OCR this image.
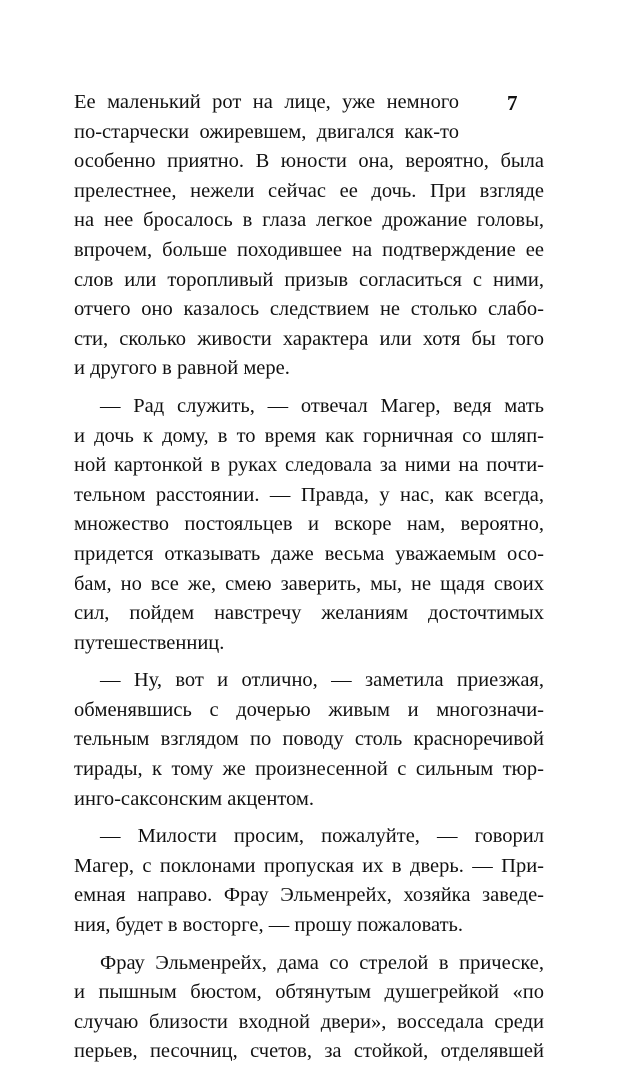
7
Ее маленький рот на лице, уже немного
по-старчески ожиревшем, двигался как-то
особенно приятно. В юности она, вероятно, была
прелестнее, нежели сейчас ее дочь. При взгляде
на нее бросалось в глаза легкое дрожание головы,
впрочем, больше походившее на подтверждение ее
слов или торопливый призыв согласиться с ними,
отчего оно казалось следствием не столько слабо-
сти, сколько живости характера или хотя бы того
и другого в равной мере.
— Рад служить, — отвечал Магер, ведя мать
и дочь к дому, в то время как горничная со шляп-
ной картонкой в руках следовала за ними на почти-
тельном расстоянии. — Правда, у нас, как всегда,
множество постояльцев и вскоре нам, вероятно,
придется отказывать даже весьма уважаемым осо-
бам, но все же, смею заверить, мы, не щадя своих
сил, пойдем навстречу желаниям досточтимых
путешественниц.
— Ну, вот и отлично, — заметила приезжая,
обменявшись с дочерью живым и многозначи-
тельным взглядом по поводу столь красноречивой
тирады, к тому же произнесенной с сильным тюр-
инго-саксонским акцентом.
— Милости просим, пожалуйте, — говорил
Магер, с поклонами пропуская их в дверь. — При-
емная направо. Фрау Эльменрейх, хозяйка заведе-
ния, будет в восторге, — прошу пожаловать.
Фрау Эльменрейх, дама со стрелой в прическе,
и пышным бюстом, обтянутым душегрейкой «по
случаю близости входной двери», восседала среди
перьев, песочниц, счетов, за стойкой, отделявшей
